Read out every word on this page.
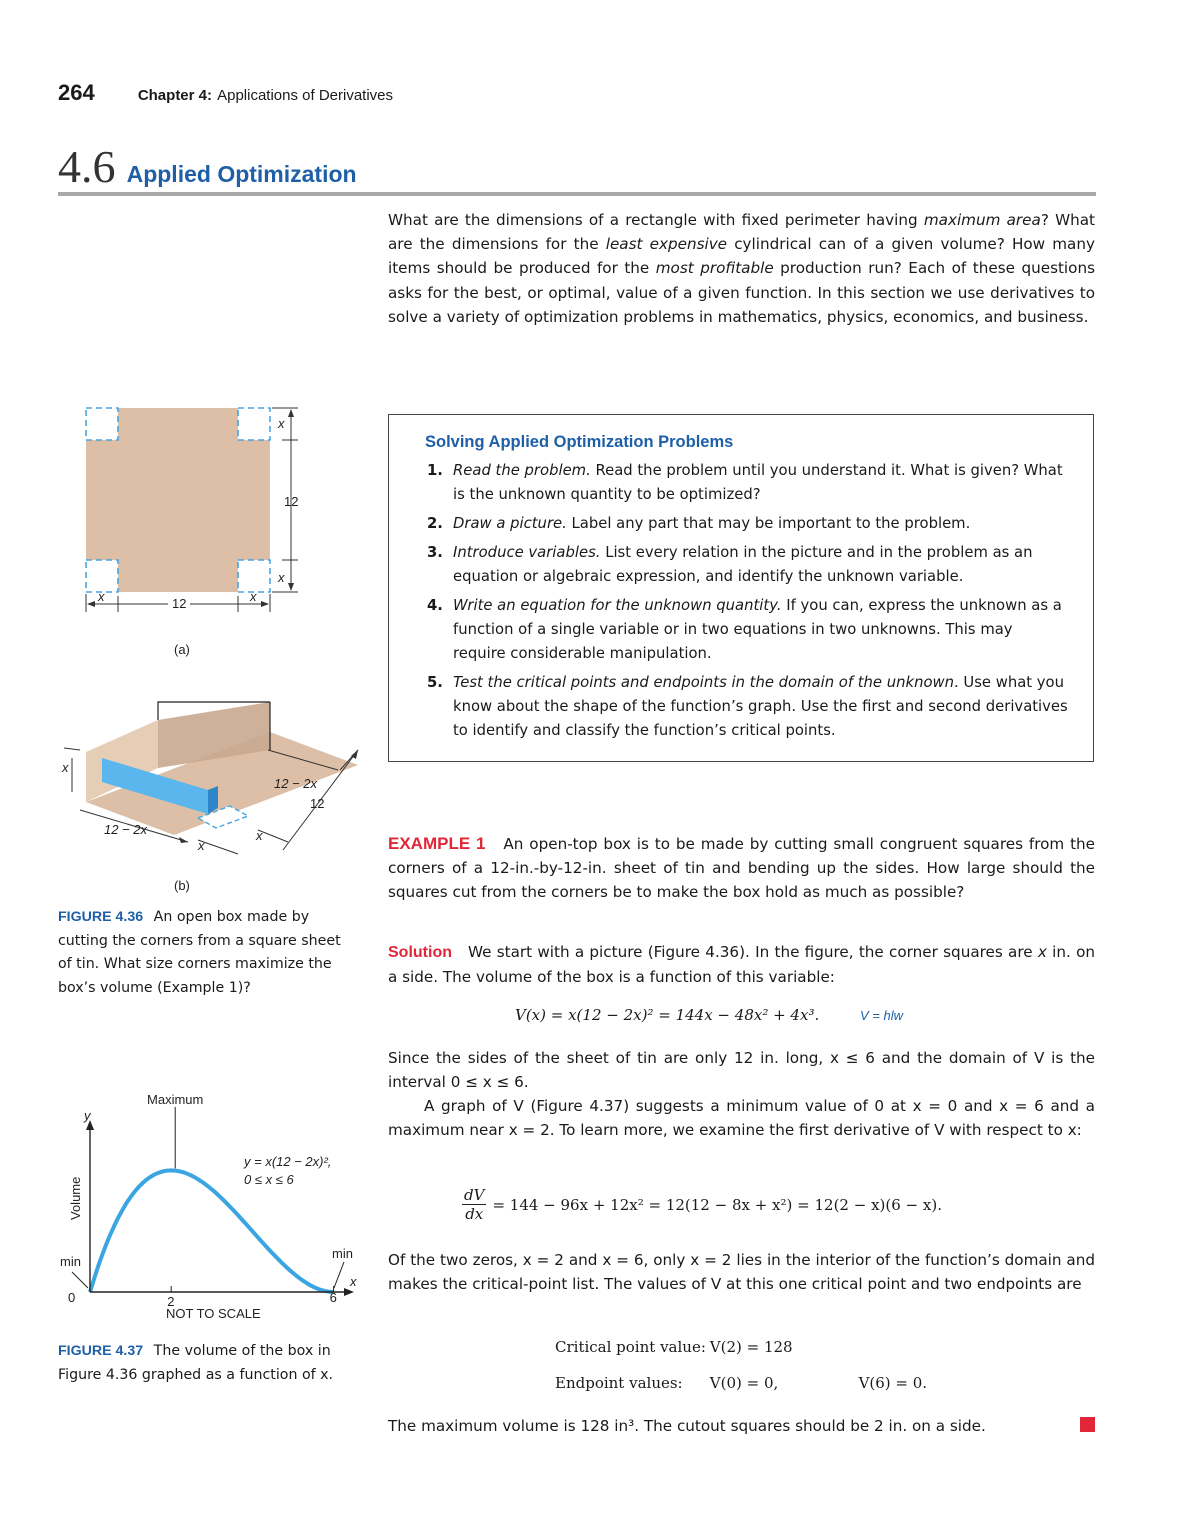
264	Chapter 4: Applications of Derivatives
4.6 Applied Optimization
What are the dimensions of a rectangle with fixed perimeter having maximum area? What are the dimensions for the least expensive cylindrical can of a given volume? How many items should be produced for the most profitable production run? Each of these questions asks for the best, or optimal, value of a given function. In this section we use derivatives to solve a variety of optimization problems in mathematics, physics, economics, and business.
Solving Applied Optimization Problems
1. Read the problem. Read the problem until you understand it. What is given? What is the unknown quantity to be optimized?
2. Draw a picture. Label any part that may be important to the problem.
3. Introduce variables. List every relation in the picture and in the problem as an equation or algebraic expression, and identify the unknown variable.
4. Write an equation for the unknown quantity. If you can, express the unknown as a function of a single variable or in two equations in two unknowns. This may require considerable manipulation.
5. Test the critical points and endpoints in the domain of the unknown. Use what you know about the shape of the function’s graph. Use the first and second derivatives to identify and classify the function’s critical points.
x
12
x
x	12	x
(a)
x
12 − 2x
12
12 − 2x	x
x
(b)
FIGURE 4.36 An open box made by cutting the corners from a square sheet of tin. What size corners maximize the box’s volume (Example 1)?
y
x
Volume
0	2	6
Maximum
min
min
y = x(12 − 2x)²,
0 ≤ x ≤ 6
NOT TO SCALE
FIGURE 4.37 The volume of the box in Figure 4.36 graphed as a function of x.
EXAMPLE 1 An open-top box is to be made by cutting small congruent squares from the corners of a 12-in.-by-12-in. sheet of tin and bending up the sides. How large should the squares cut from the corners be to make the box hold as much as possible?
Solution We start with a picture (Figure 4.36). In the figure, the corner squares are x in. on a side. The volume of the box is a function of this variable:
V(x) = x(12 − 2x)² = 144x − 48x² + 4x³.	V = hlw
Since the sides of the sheet of tin are only 12 in. long, x ≤ 6 and the domain of V is the interval 0 ≤ x ≤ 6.
A graph of V (Figure 4.37) suggests a minimum value of 0 at x = 0 and x = 6 and a maximum near x = 2. To learn more, we examine the first derivative of V with respect to x:
$\frac{dV}{dx} = 144 - 96x + 12x^2 = 12(12 - 8x + x^2) = 12(2 - x)(6 - x)$.
Of the two zeros, x = 2 and x = 6, only x = 2 lies in the interior of the function’s domain and makes the critical-point list. The values of V at this one critical point and two endpoints are
Critical point value: V(2) = 128
Endpoint values: V(0) = 0,	V(6) = 0.
The maximum volume is 128 in³. The cutout squares should be 2 in. on a side.
